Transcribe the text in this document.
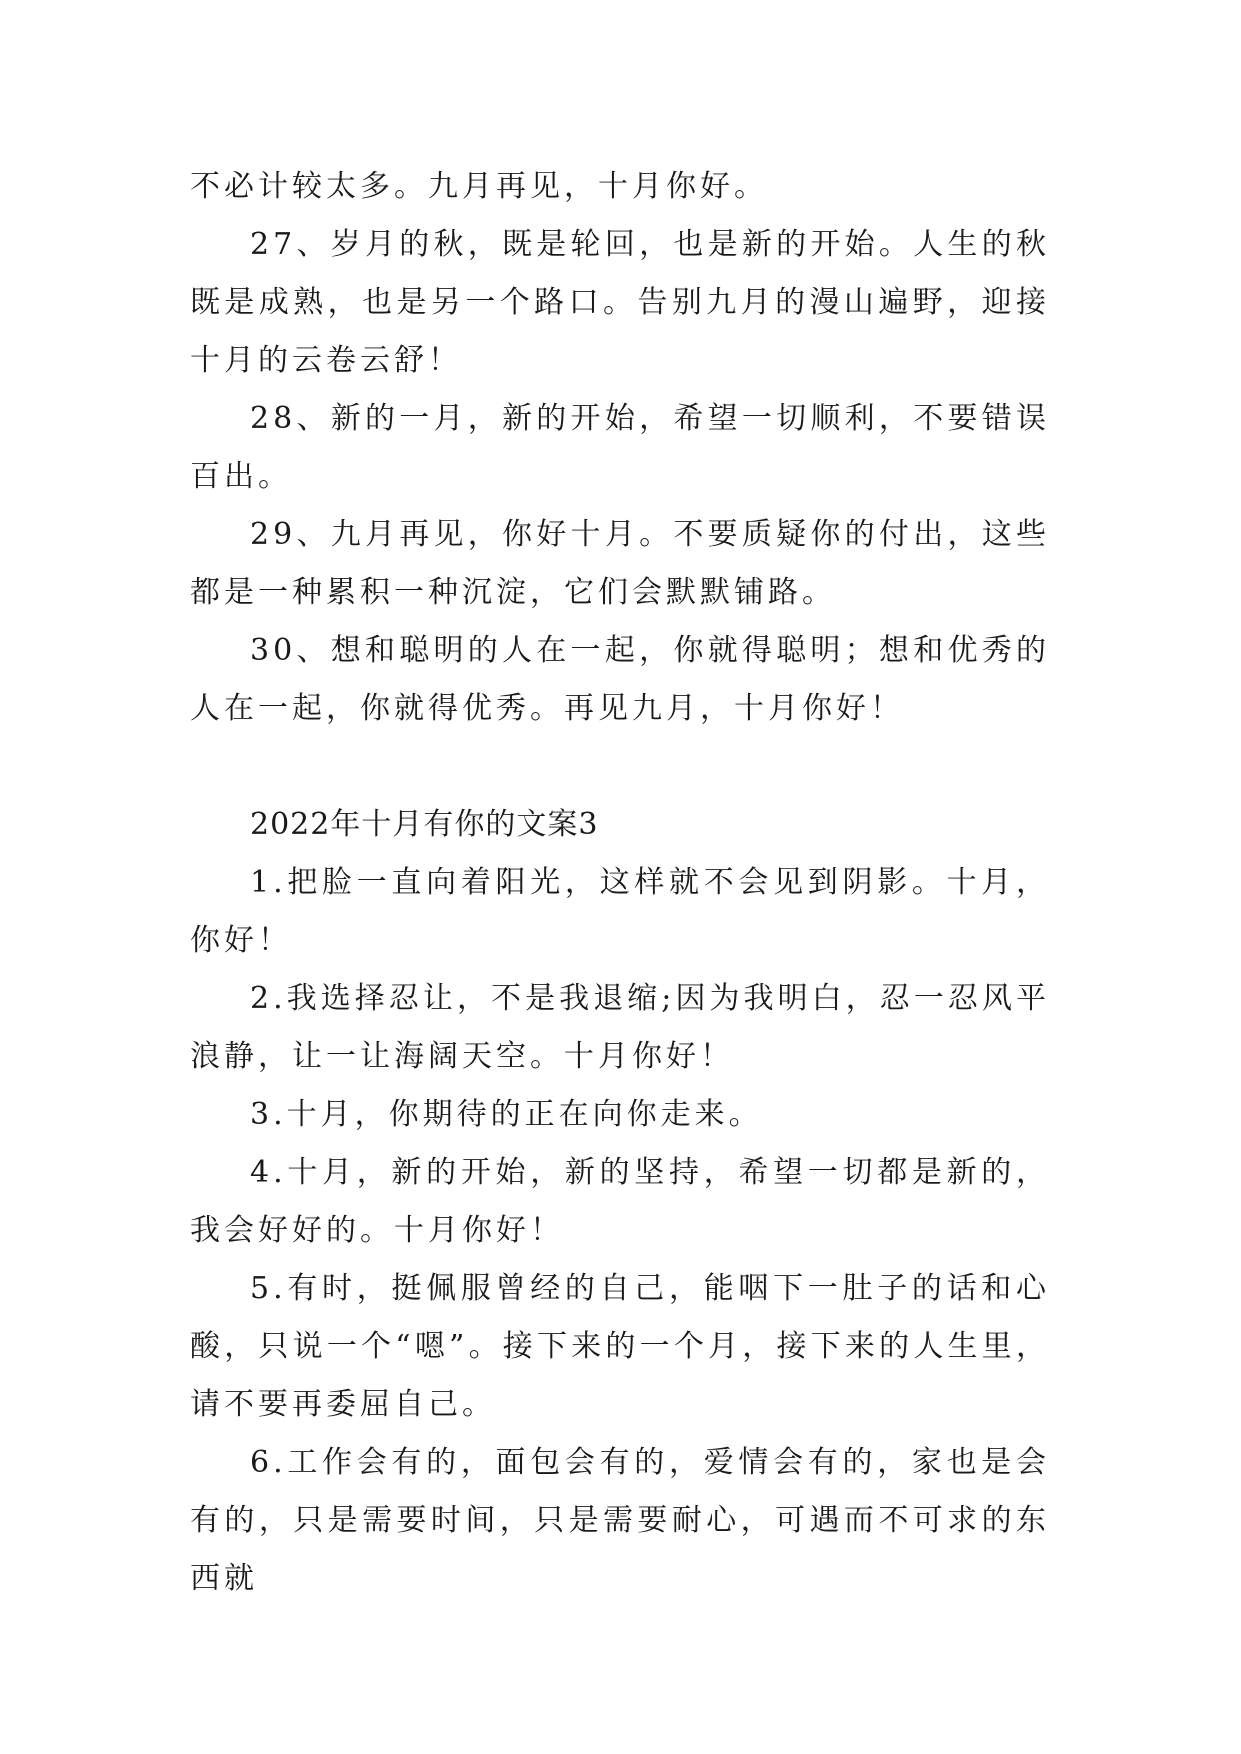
不必计较太多。九月再见，十月你好。

27、岁月的秋，既是轮回，也是新的开始。人生的秋既是成熟，也是另一个路口。告别九月的漫山遍野，迎接十月的云卷云舒！

28、新的一月，新的开始，希望一切顺利，不要错误百出。

29、九月再见，你好十月。不要质疑你的付出，这些都是一种累积一种沉淀，它们会默默铺路。

30、想和聪明的人在一起，你就得聪明；想和优秀的人在一起，你就得优秀。再见九月，十月你好！

2022年十月有你的文案3

1.把脸一直向着阳光，这样就不会见到阴影。十月，你好！

2.我选择忍让，不是我退缩;因为我明白，忍一忍风平浪静，让一让海阔天空。十月你好！

3.十月，你期待的正在向你走来。

4.十月，新的开始，新的坚持，希望一切都是新的，我会好好的。十月你好！

5.有时，挺佩服曾经的自己，能咽下一肚子的话和心酸，只说一个“嗯”。接下来的一个月，接下来的人生里，请不要再委屈自己。

6.工作会有的，面包会有的，爱情会有的，家也是会有的，只是需要时间，只是需要耐心，可遇而不可求的东西就
